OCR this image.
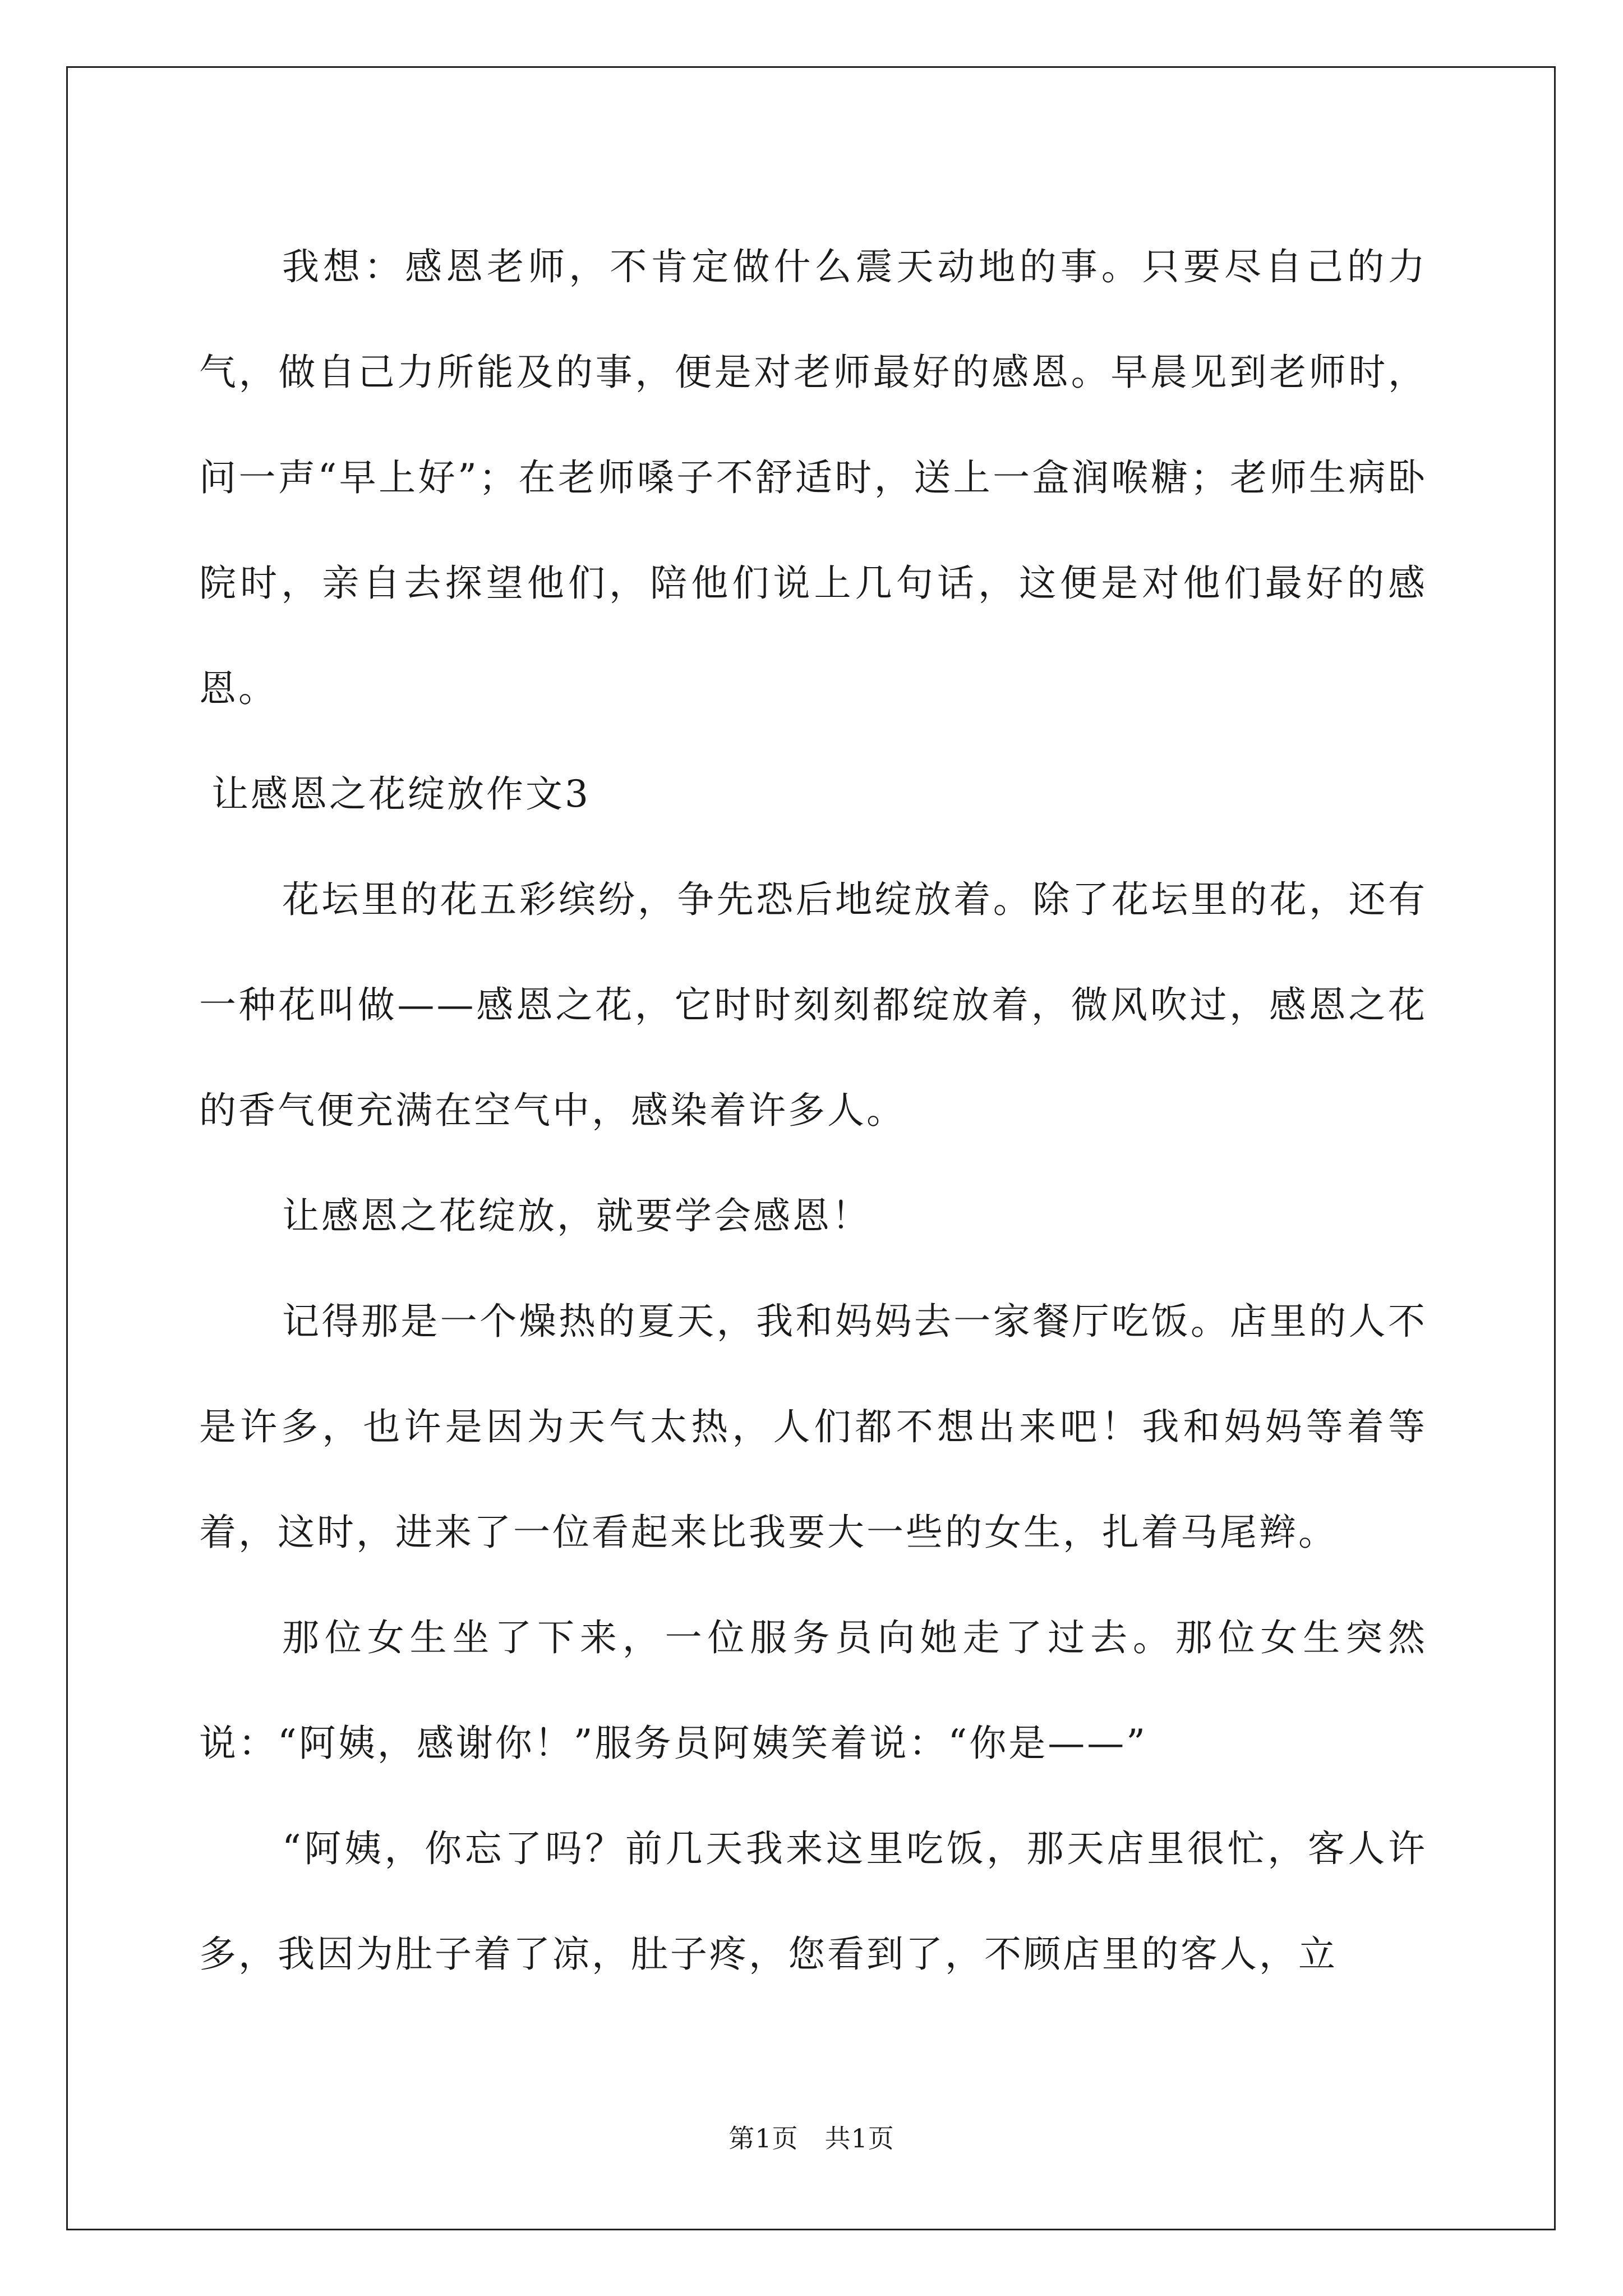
我想：感恩老师，不肯定做什么震天动地的事。只要尽自己的力气，做自己力所能及的事，便是对老师最好的感恩。早晨见到老师时，问一声“早上好”；在老师嗓子不舒适时，送上一盒润喉糖；老师生病卧院时，亲自去探望他们，陪他们说上几句话，这便是对他们最好的感恩。

让感恩之花绽放作文3

花坛里的花五彩缤纷，争先恐后地绽放着。除了花坛里的花，还有一种花叫做——感恩之花，它时时刻刻都绽放着，微风吹过，感恩之花的香气便充满在空气中，感染着许多人。

让感恩之花绽放，就要学会感恩！

记得那是一个燥热的夏天，我和妈妈去一家餐厅吃饭。店里的人不是许多，也许是因为天气太热，人们都不想出来吧！我和妈妈等着等着，这时，进来了一位看起来比我要大一些的女生，扎着马尾辫。

那位女生坐了下来，一位服务员向她走了过去。那位女生突然说：“阿姨，感谢你！”服务员阿姨笑着说：“你是——”

“阿姨，你忘了吗？前几天我来这里吃饭，那天店里很忙，客人许多，我因为肚子着了凉，肚子疼，您看到了，不顾店里的客人，立

第1页　共1页
